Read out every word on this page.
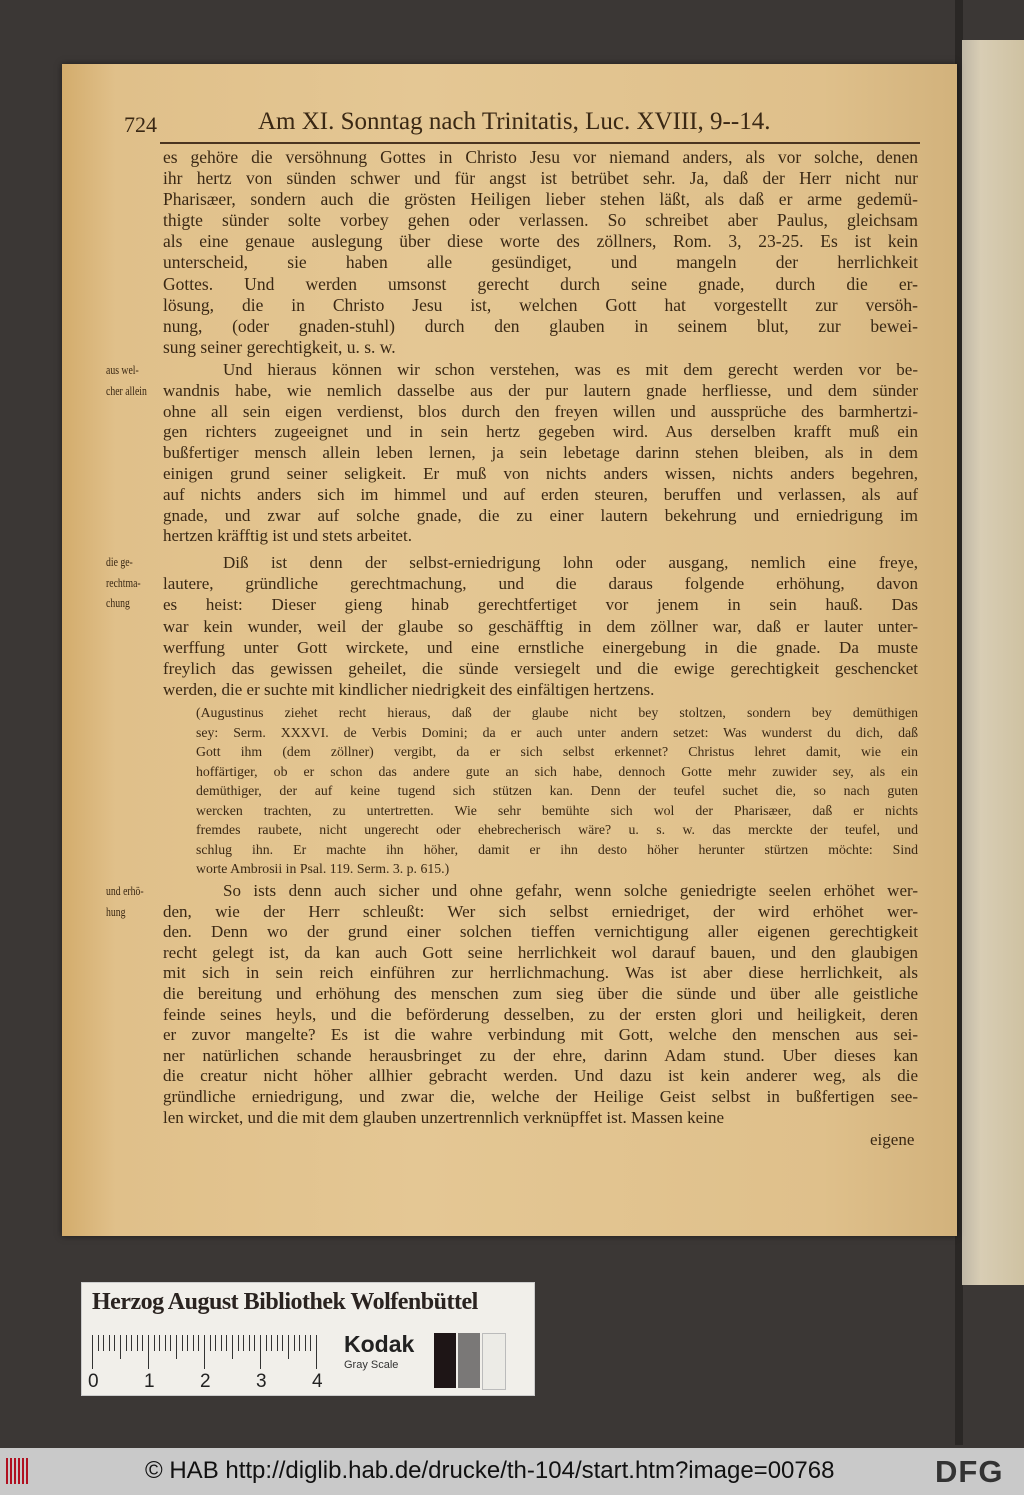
724	Am XI. Sonntag nach Trinitatis, Luc. XVIII, 9--14.
es gehöre die versöhnung Gottes in Christo Jesu vor niemand anders, als vor solche, denen
ihr hertz von sünden schwer und für angst ist betrübet sehr. Ja, daß der Herr nicht nur
Pharisæer, sondern auch die grösten Heiligen lieber stehen läßt, als daß er arme gedemü-
thigte sünder solte vorbey gehen oder verlassen. So schreibet aber Paulus, gleichsam
als eine genaue auslegung über diese worte des zöllners, Rom. 3, 23-25. Es ist kein
unterscheid, sie haben alle gesündiget, und mangeln der herrlichkeit
Gottes. Und werden umsonst gerecht durch seine gnade, durch die er-
lösung, die in Christo Jesu ist, welchen Gott hat vorgestellt zur versöh-
nung, (oder gnaden-stuhl) durch den glauben in seinem blut, zur bewei-
sung seiner gerechtigkeit, u. s. w.
Und hieraus können wir schon verstehen, was es mit dem gerecht werden vor be-
wandnis habe, wie nemlich dasselbe aus der pur lautern gnade herfliesse, und dem sünder
ohne all sein eigen verdienst, blos durch den freyen willen und aussprüche des barmhertzi-
gen richters zugeeignet und in sein hertz gegeben wird. Aus derselben krafft muß ein
bußfertiger mensch allein leben lernen, ja sein lebetage darinn stehen bleiben, als in dem
einigen grund seiner seligkeit. Er muß von nichts anders wissen, nichts anders begehren,
auf nichts anders sich im himmel und auf erden steuren, beruffen und verlassen, als auf
gnade, und zwar auf solche gnade, die zu einer lautern bekehrung und erniedrigung im
hertzen kräfftig ist und stets arbeitet.
Diß ist denn der selbst-erniedrigung lohn oder ausgang, nemlich eine freye,
lautere, gründliche gerechtmachung, und die daraus folgende erhöhung, davon
es heist: Dieser gieng hinab gerechtfertiget vor jenem in sein hauß. Das
war kein wunder, weil der glaube so geschäfftig in dem zöllner war, daß er lauter unter-
werffung unter Gott wirckete, und eine ernstliche einergebung in die gnade. Da muste
freylich das gewissen geheilet, die sünde versiegelt und die ewige gerechtigkeit geschencket
werden, die er suchte mit kindlicher niedrigkeit des einfältigen hertzens.
(Augustinus ziehet recht hieraus, daß der glaube nicht bey stoltzen, sondern bey demüthigen
sey: Serm. XXXVI. de Verbis Domini; da er auch unter andern setzet: Was wunderst du dich, daß
Gott ihm (dem zöllner) vergibt, da er sich selbst erkennet? Christus lehret damit, wie ein
hoffärtiger, ob er schon das andere gute an sich habe, dennoch Gotte mehr zuwider sey, als ein
demüthiger, der auf keine tugend sich stützen kan. Denn der teufel suchet die, so nach guten
wercken trachten, zu untertretten. Wie sehr bemühte sich wol der Pharisæer, daß er nichts
fremdes raubete, nicht ungerecht oder ehebrecherisch wäre? u. s. w. das merckte der teufel, und
schlug ihn. Er machte ihn höher, damit er ihn desto höher herunter stürtzen möchte: Sind
worte Ambrosii in Psal. 119. Serm. 3. p. 615.)
So ists denn auch sicher und ohne gefahr, wenn solche geniedrigte seelen erhöhet wer-
den, wie der Herr schleußt: Wer sich selbst erniedriget, der wird erhöhet wer-
den. Denn wo der grund einer solchen tieffen vernichtigung aller eigenen gerechtigkeit
recht gelegt ist, da kan auch Gott seine herrlichkeit wol darauf bauen, und den glaubigen
mit sich in sein reich einführen zur herrlichmachung. Was ist aber diese herrlichkeit, als
die bereitung und erhöhung des menschen zum sieg über die sünde und über alle geistliche
feinde seines heyls, und die beförderung desselben, zu der ersten glori und heiligkeit, deren
er zuvor mangelte? Es ist die wahre verbindung mit Gott, welche den menschen aus sei-
ner natürlichen schande herausbringet zu der ehre, darinn Adam stund. Uber dieses kan
die creatur nicht höher allhier gebracht werden. Und dazu ist kein anderer weg, als die
gründliche erniedrigung, und zwar die, welche der Heilige Geist selbst in bußfertigen see-
len wircket, und die mit dem glauben unzertrennlich verknüpffet ist. Massen keine
aus wel-
cher allein
die ge-
rechtma-
chung
und erhö-
hung
eigene
Herzog August Bibliothek Wolfenbüttel
0 1 2 3 4
Kodak
Gray Scale
© HAB http://diglib.hab.de/drucke/th-104/start.htm?image=00768	DFG
